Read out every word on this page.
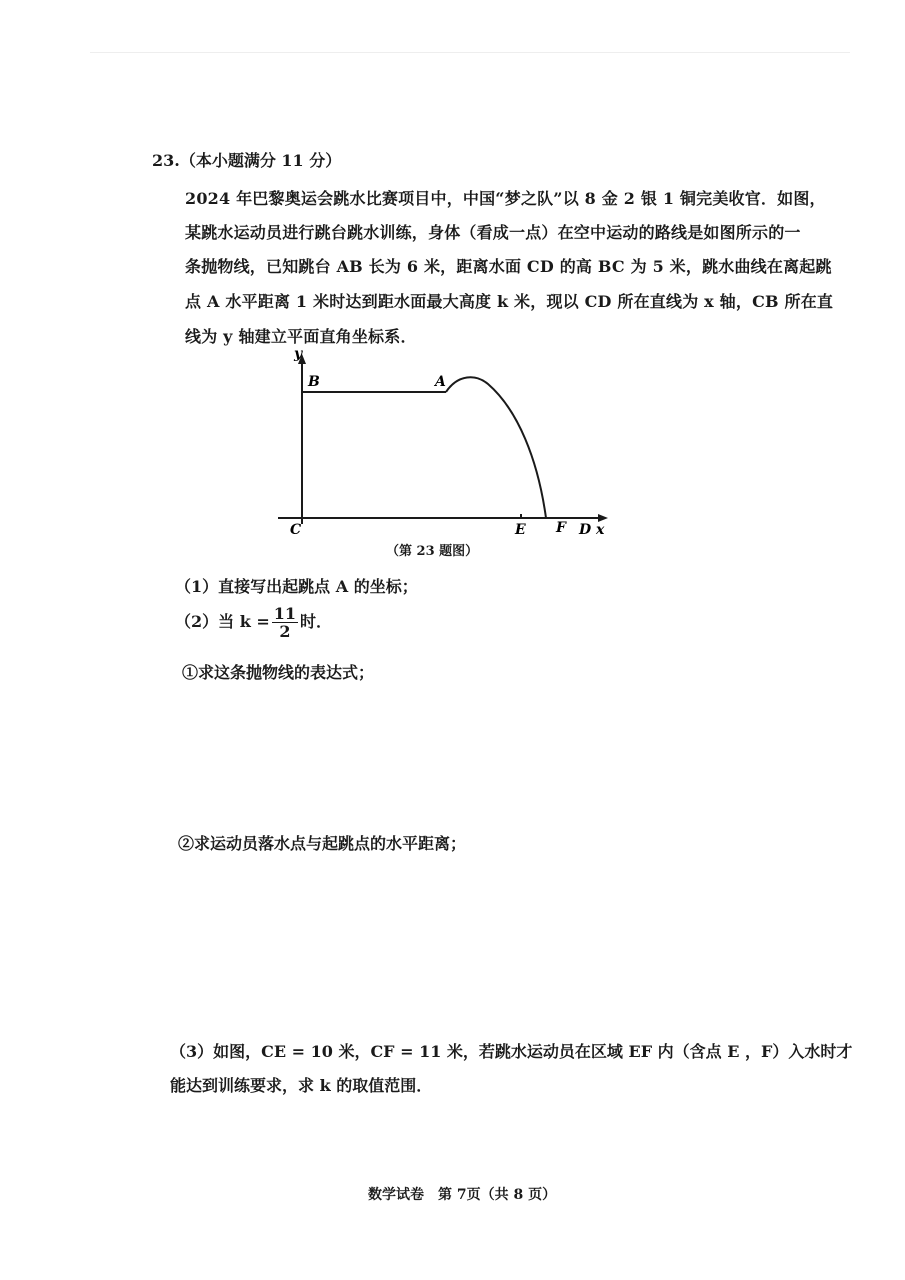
23.（本小题满分 11 分）
2024 年巴黎奥运会跳水比赛项目中，中国“梦之队”以 8 金 2 银 1 铜完美收官．如图，
某跳水运动员进行跳台跳水训练，身体（看成一点）在空中运动的路线是如图所示的一
条抛物线，已知跳台 AB 长为 6 米，距离水面 CD 的高 BC 为 5 米，跳水曲线在离起跳
点 A 水平距离 1 米时达到距水面最大高度 k 米，现以 CD 所在直线为 x 轴，CB 所在直
线为 y 轴建立平面直角坐标系．
y
B	A
C	E F D x
（第 23 题图）
（1）直接写出起跳点 A 的坐标；
（2）当 $k = \frac{11}{2}$ 时．
①求这条抛物线的表达式；
②求运动员落水点与起跳点的水平距离；
（3）如图，CE = 10 米，CF = 11 米，若跳水运动员在区域 EF 内（含点 E ，F）入水时才
能达到训练要求，求 k 的取值范围．
数学试卷　第 7页（共 8 页）
